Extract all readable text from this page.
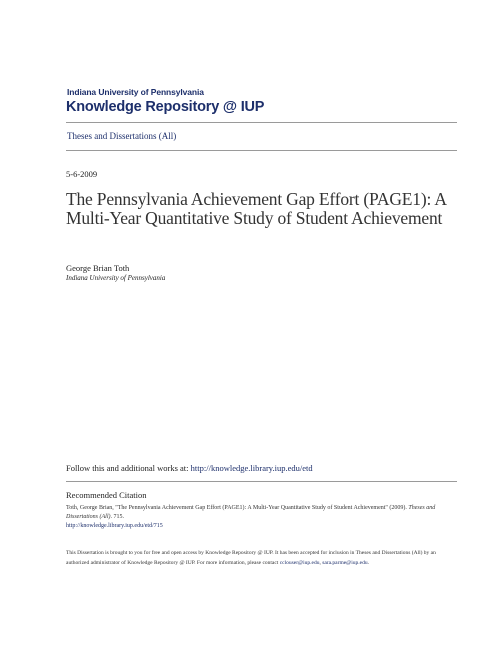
Indiana University of Pennsylvania
Knowledge Repository @ IUP
Theses and Dissertations (All)
5-6-2009
The Pennsylvania Achievement Gap Effort (PAGE1): A Multi-Year Quantitative Study of Student Achievement
George Brian Toth
Indiana University of Pennsylvania
Follow this and additional works at: http://knowledge.library.iup.edu/etd
Recommended Citation
Toth, George Brian, "The Pennsylvania Achievement Gap Effort (PAGE1): A Multi-Year Quantitative Study of Student Achievement" (2009). Theses and Dissertations (All). 715.
http://knowledge.library.iup.edu/etd/715
This Dissertation is brought to you for free and open access by Knowledge Repository @ IUP. It has been accepted for inclusion in Theses and Dissertations (All) by an authorized administrator of Knowledge Repository @ IUP. For more information, please contact cclouser@iup.edu, sara.parme@iup.edu.
